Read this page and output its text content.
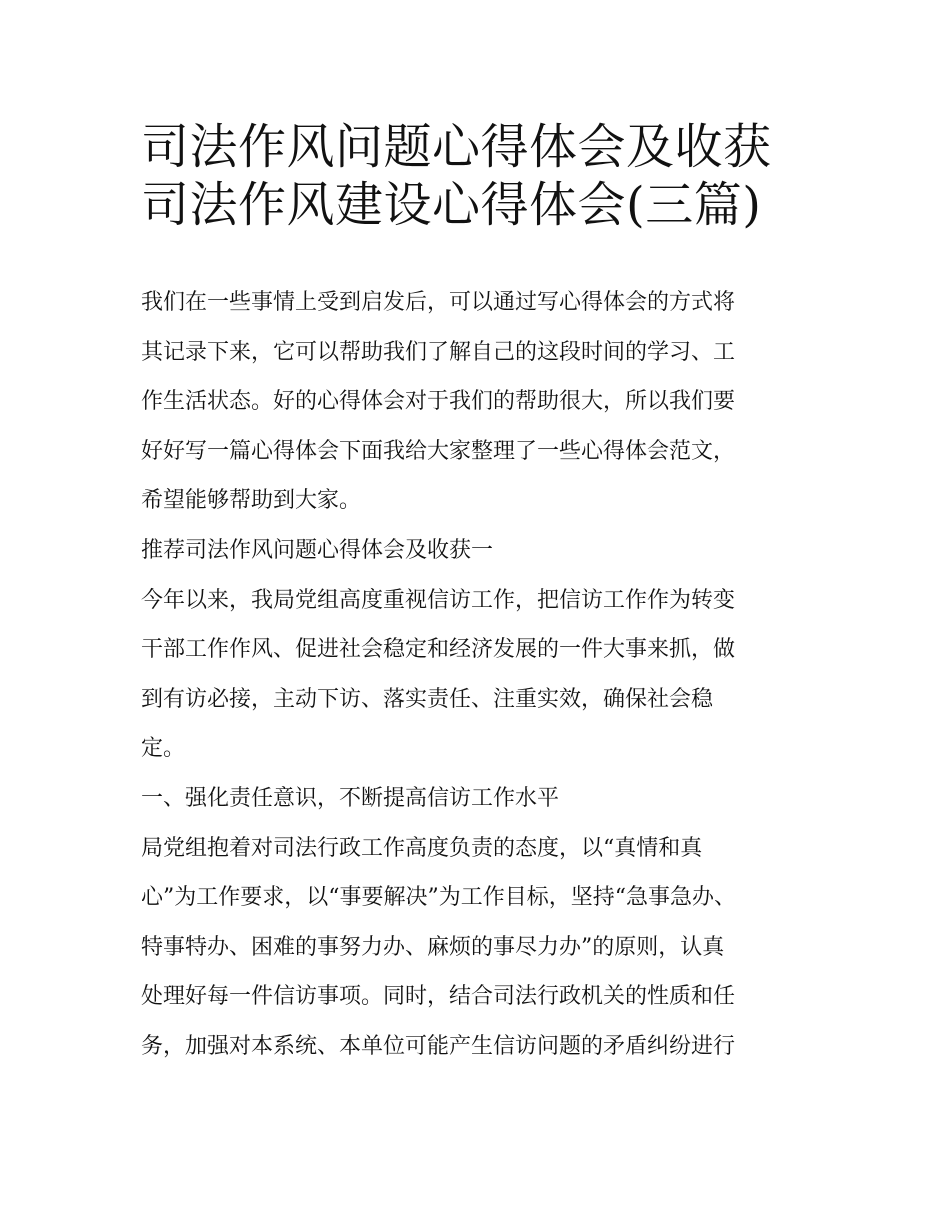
司法作风问题心得体会及收获
司法作风建设心得体会(三篇)

我们在一些事情上受到启发后，可以通过写心得体会的方式将

其记录下来，它可以帮助我们了解自己的这段时间的学习、工

作生活状态。好的心得体会对于我们的帮助很大，所以我们要

好好写一篇心得体会下面我给大家整理了一些心得体会范文，

希望能够帮助到大家。

推荐司法作风问题心得体会及收获一

今年以来，我局党组高度重视信访工作，把信访工作作为转变

干部工作作风、促进社会稳定和经济发展的一件大事来抓，做

到有访必接，主动下访、落实责任、注重实效，确保社会稳

定。

一、强化责任意识，不断提高信访工作水平

局党组抱着对司法行政工作高度负责的态度，以“真情和真

心”为工作要求，以“事要解决”为工作目标，坚持“急事急办、

特事特办、困难的事努力办、麻烦的事尽力办”的原则，认真

处理好每一件信访事项。同时，结合司法行政机关的性质和任

务，加强对本系统、本单位可能产生信访问题的矛盾纠纷进行
